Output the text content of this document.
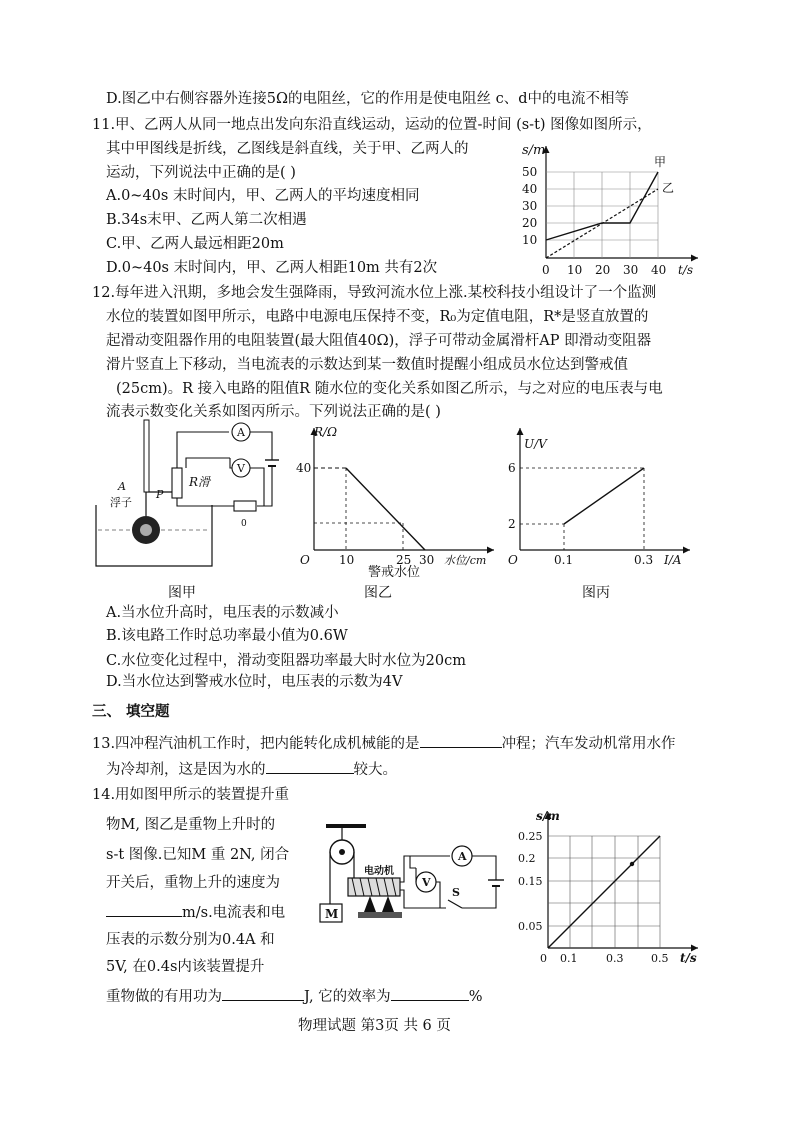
D.图乙中右侧容器外连接5Ω的电阻丝，它的作用是使电阻丝 c、d中的电流不相等
11.甲、乙两人从同一地点出发向东沿直线运动，运动的位置-时间 (s-t) 图像如图所示，
其中甲图线是折线，乙图线是斜直线，关于甲、乙两人的
运动，下列说法中正确的是( )
A.0~40s 末时间内，甲、乙两人的平均速度相同
B.34s末甲、乙两人第二次相遇
C.甲、乙两人最远相距20m
D.0~40s 末时间内，甲、乙两人相距10m 共有2次
s/m
50
40
30
20
10
0 10 20 30 40 t/s
甲
乙
12.每年进入汛期，多地会发生强降雨，导致河流水位上涨.某校科技小组设计了一个监测
水位的装置如图甲所示，电路中电源电压保持不变，R₀为定值电阻，R*是竖直放置的
起滑动变阻器作用的电阻装置(最大阻值40Ω)，浮子可带动金属滑杆AP 即滑动变阻器
滑片竖直上下移动，当电流表的示数达到某一数值时提醒小组成员水位达到警戒值
(25cm)。R 接入电路的阻值R 随水位的变化关系如图乙所示，与之对应的电压表与电
流表示数变化关系如图丙所示。下列说法正确的是( )
A
V
R滑
P
A
浮子
0
R/Ω
40
O 10	25 30 水位/cm
警戒水位
U/V
6
2
O	0.1	0.3 I/A
图甲	图乙	图丙
A.当水位升高时，电压表的示数减小
B.该电路工作时总功率最小值为0.6W
C.水位变化过程中，滑动变阻器功率最大时水位为20cm
D.当水位达到警戒水位时，电压表的示数为4V
三、 填空题
13.四冲程汽油机工作时，把内能转化成机械能的是	冲程；汽车发动机常用水作
为冷却剂，这是因为水的	较大。
14.用如图甲所示的装置提升重
物M, 图乙是重物上升时的
s-t 图像.已知M 重 2N, 闭合
开关后，重物上升的速度为
m/s.电流表和电
压表的示数分别为0.4A 和
5V, 在0.4s内该装置提升
重物做的有用功为	J, 它的效率为	%
M
电动机
A
S
V
s/m
0.25
0.2
0.15
0.05
0 0.1	0.3	0.5 t/s
物理试题 第3页 共 6 页
